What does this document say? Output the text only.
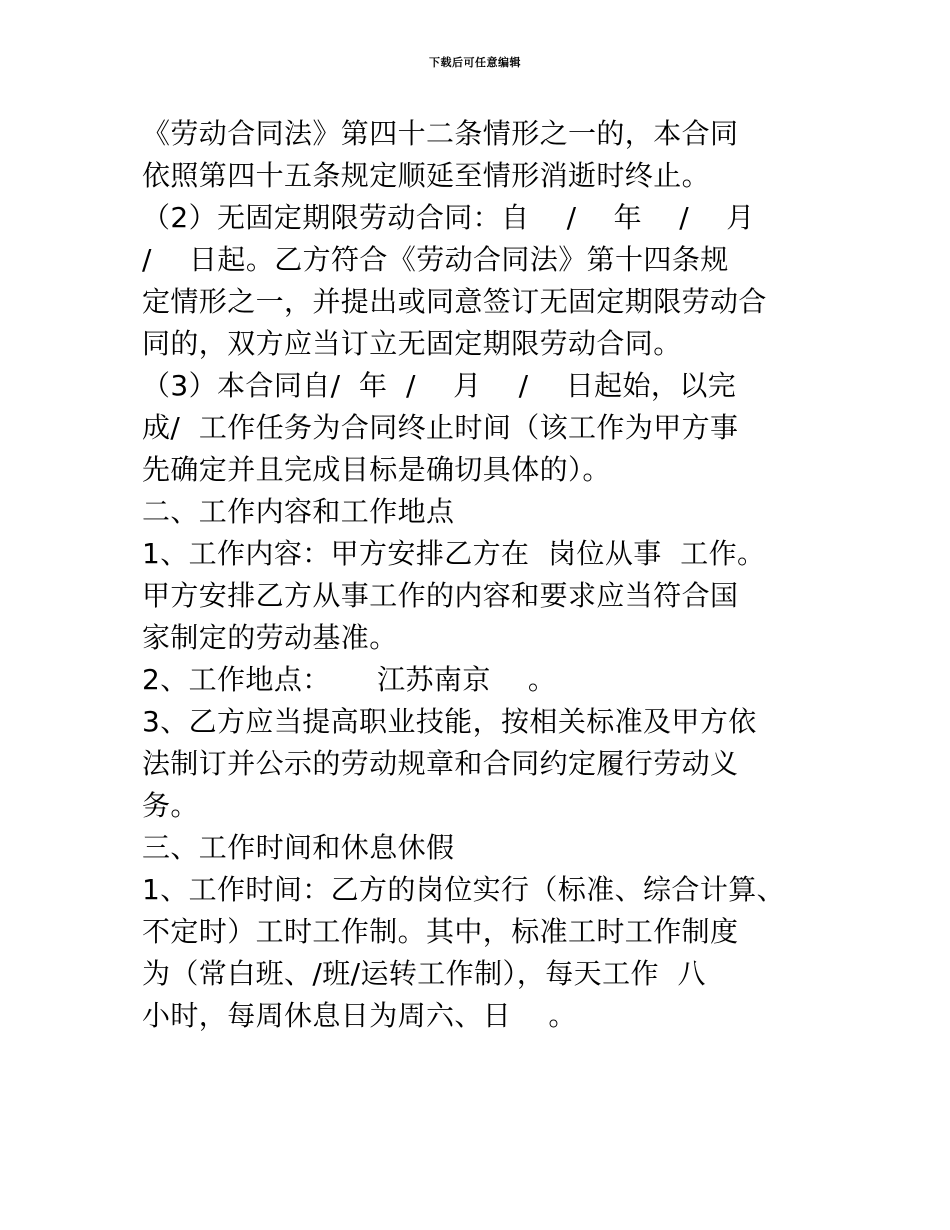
下载后可任意编辑
《劳动合同法》第四十二条情形之一的，本合同
依照第四十五条规定顺延至情形消逝时终止。
（2）无固定期限劳动合同：自    /    年    /    月
/    日起。乙方符合《劳动合同法》第十四条规
定情形之一，并提出或同意签订无固定期限劳动合
同的，双方应当订立无固定期限劳动合同。
（3）本合同自/  年  /    月    /    日起始，以完
成/  工作任务为合同终止时间（该工作为甲方事
先确定并且完成目标是确切具体的）。
二、工作内容和工作地点
1、工作内容：甲方安排乙方在  岗位从事  工作。
甲方安排乙方从事工作的内容和要求应当符合国
家制定的劳动基准。
2、工作地点：     江苏南京    。
3、乙方应当提高职业技能，按相关标准及甲方依
法制订并公示的劳动规章和合同约定履行劳动义
务。
三、工作时间和休息休假
1、工作时间：乙方的岗位实行（标准、综合计算、
不定时）工时工作制。其中，标准工时工作制度
为（常白班、/班/运转工作制），每天工作  八
小时，每周休息日为周六、日    。
